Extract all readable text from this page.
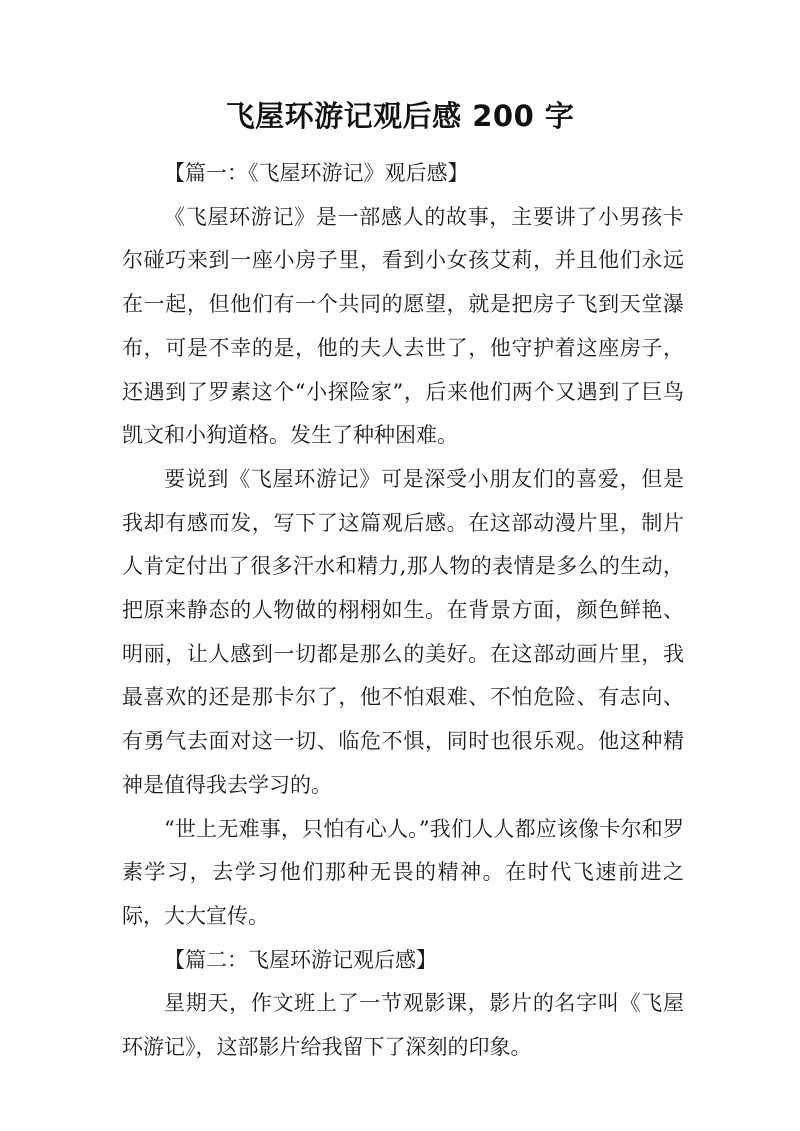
飞屋环游记观后感 200 字

【篇一：《飞屋环游记》观后感】

《飞屋环游记》是一部感人的故事，主要讲了小男孩卡尔碰巧来到一座小房子里，看到小女孩艾莉，并且他们永远在一起，但他们有一个共同的愿望，就是把房子飞到天堂瀑布，可是不幸的是，他的夫人去世了，他守护着这座房子，还遇到了罗素这个“小探险家”，后来他们两个又遇到了巨鸟凯文和小狗道格。发生了种种困难。

要说到《飞屋环游记》可是深受小朋友们的喜爱，但是我却有感而发，写下了这篇观后感。在这部动漫片里，制片人肯定付出了很多汗水和精力,那人物的表情是多么的生动，把原来静态的人物做的栩栩如生。在背景方面，颜色鲜艳、明丽，让人感到一切都是那么的美好。在这部动画片里，我最喜欢的还是那卡尔了，他不怕艰难、不怕危险、有志向、有勇气去面对这一切、临危不惧，同时也很乐观。他这种精神是值得我去学习的。

“世上无难事，只怕有心人。”我们人人都应该像卡尔和罗素学习，去学习他们那种无畏的精神。在时代飞速前进之际，大大宣传。

【篇二：飞屋环游记观后感】

星期天，作文班上了一节观影课，影片的名字叫《飞屋环游记》，这部影片给我留下了深刻的印象。
